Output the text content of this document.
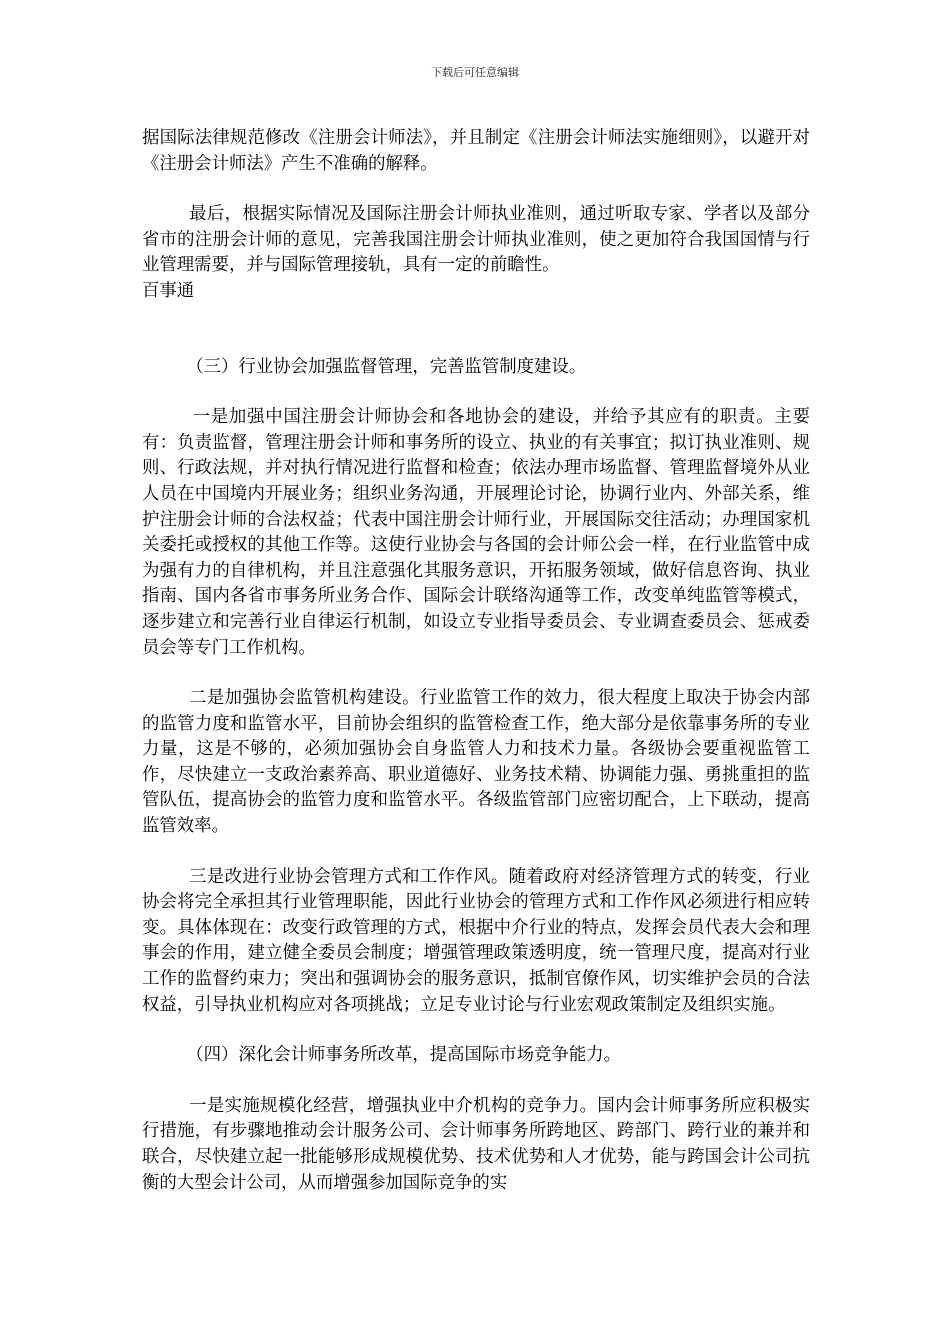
下载后可任意编辑

据国际法律规范修改《注册会计师法》，并且制定《注册会计师法实施细则》，以避开对《注册会计师法》产生不准确的解释。

最后，根据实际情况及国际注册会计师执业准则，通过听取专家、学者以及部分省市的注册会计师的意见，完善我国注册会计师执业准则，使之更加符合我国国情与行业管理需要，并与国际管理接轨，具有一定的前瞻性。

百事通

（三）行业协会加强监督管理，完善监管制度建设。

一是加强中国注册会计师协会和各地协会的建设，并给予其应有的职责。主要有：负责监督，管理注册会计师和事务所的设立、执业的有关事宜；拟订执业准则、规则、行政法规，并对执行情况进行监督和检查；依法办理市场监督、管理监督境外从业人员在中国境内开展业务；组织业务沟通，开展理论讨论，协调行业内、外部关系，维护注册会计师的合法权益；代表中国注册会计师行业，开展国际交往活动；办理国家机关委托或授权的其他工作等。这使行业协会与各国的会计师公会一样，在行业监管中成为强有力的自律机构，并且注意强化其服务意识，开拓服务领域，做好信息咨询、执业指南、国内各省市事务所业务合作、国际会计联络沟通等工作，改变单纯监管等模式，逐步建立和完善行业自律运行机制，如设立专业指导委员会、专业调查委员会、惩戒委员会等专门工作机构。

二是加强协会监管机构建设。行业监管工作的效力，很大程度上取决于协会内部的监管力度和监管水平，目前协会组织的监管检查工作，绝大部分是依靠事务所的专业力量，这是不够的，必须加强协会自身监管人力和技术力量。各级协会要重视监管工作，尽快建立一支政治素养高、职业道德好、业务技术精、协调能力强、勇挑重担的监管队伍，提高协会的监管力度和监管水平。各级监管部门应密切配合，上下联动，提高监管效率。

三是改进行业协会管理方式和工作作风。随着政府对经济管理方式的转变，行业协会将完全承担其行业管理职能，因此行业协会的管理方式和工作作风必须进行相应转变。具体体现在：改变行政管理的方式，根据中介行业的特点，发挥会员代表大会和理事会的作用，建立健全委员会制度；增强管理政策透明度，统一管理尺度，提高对行业工作的监督约束力；突出和强调协会的服务意识，抵制官僚作风，切实维护会员的合法权益，引导执业机构应对各项挑战；立足专业讨论与行业宏观政策制定及组织实施。

（四）深化会计师事务所改革，提高国际市场竞争能力。

一是实施规模化经营，增强执业中介机构的竞争力。国内会计师事务所应积极实行措施，有步骤地推动会计服务公司、会计师事务所跨地区、跨部门、跨行业的兼并和联合，尽快建立起一批能够形成规模优势、技术优势和人才优势，能与跨国会计公司抗衡的大型会计公司，从而增强参加国际竞争的实
